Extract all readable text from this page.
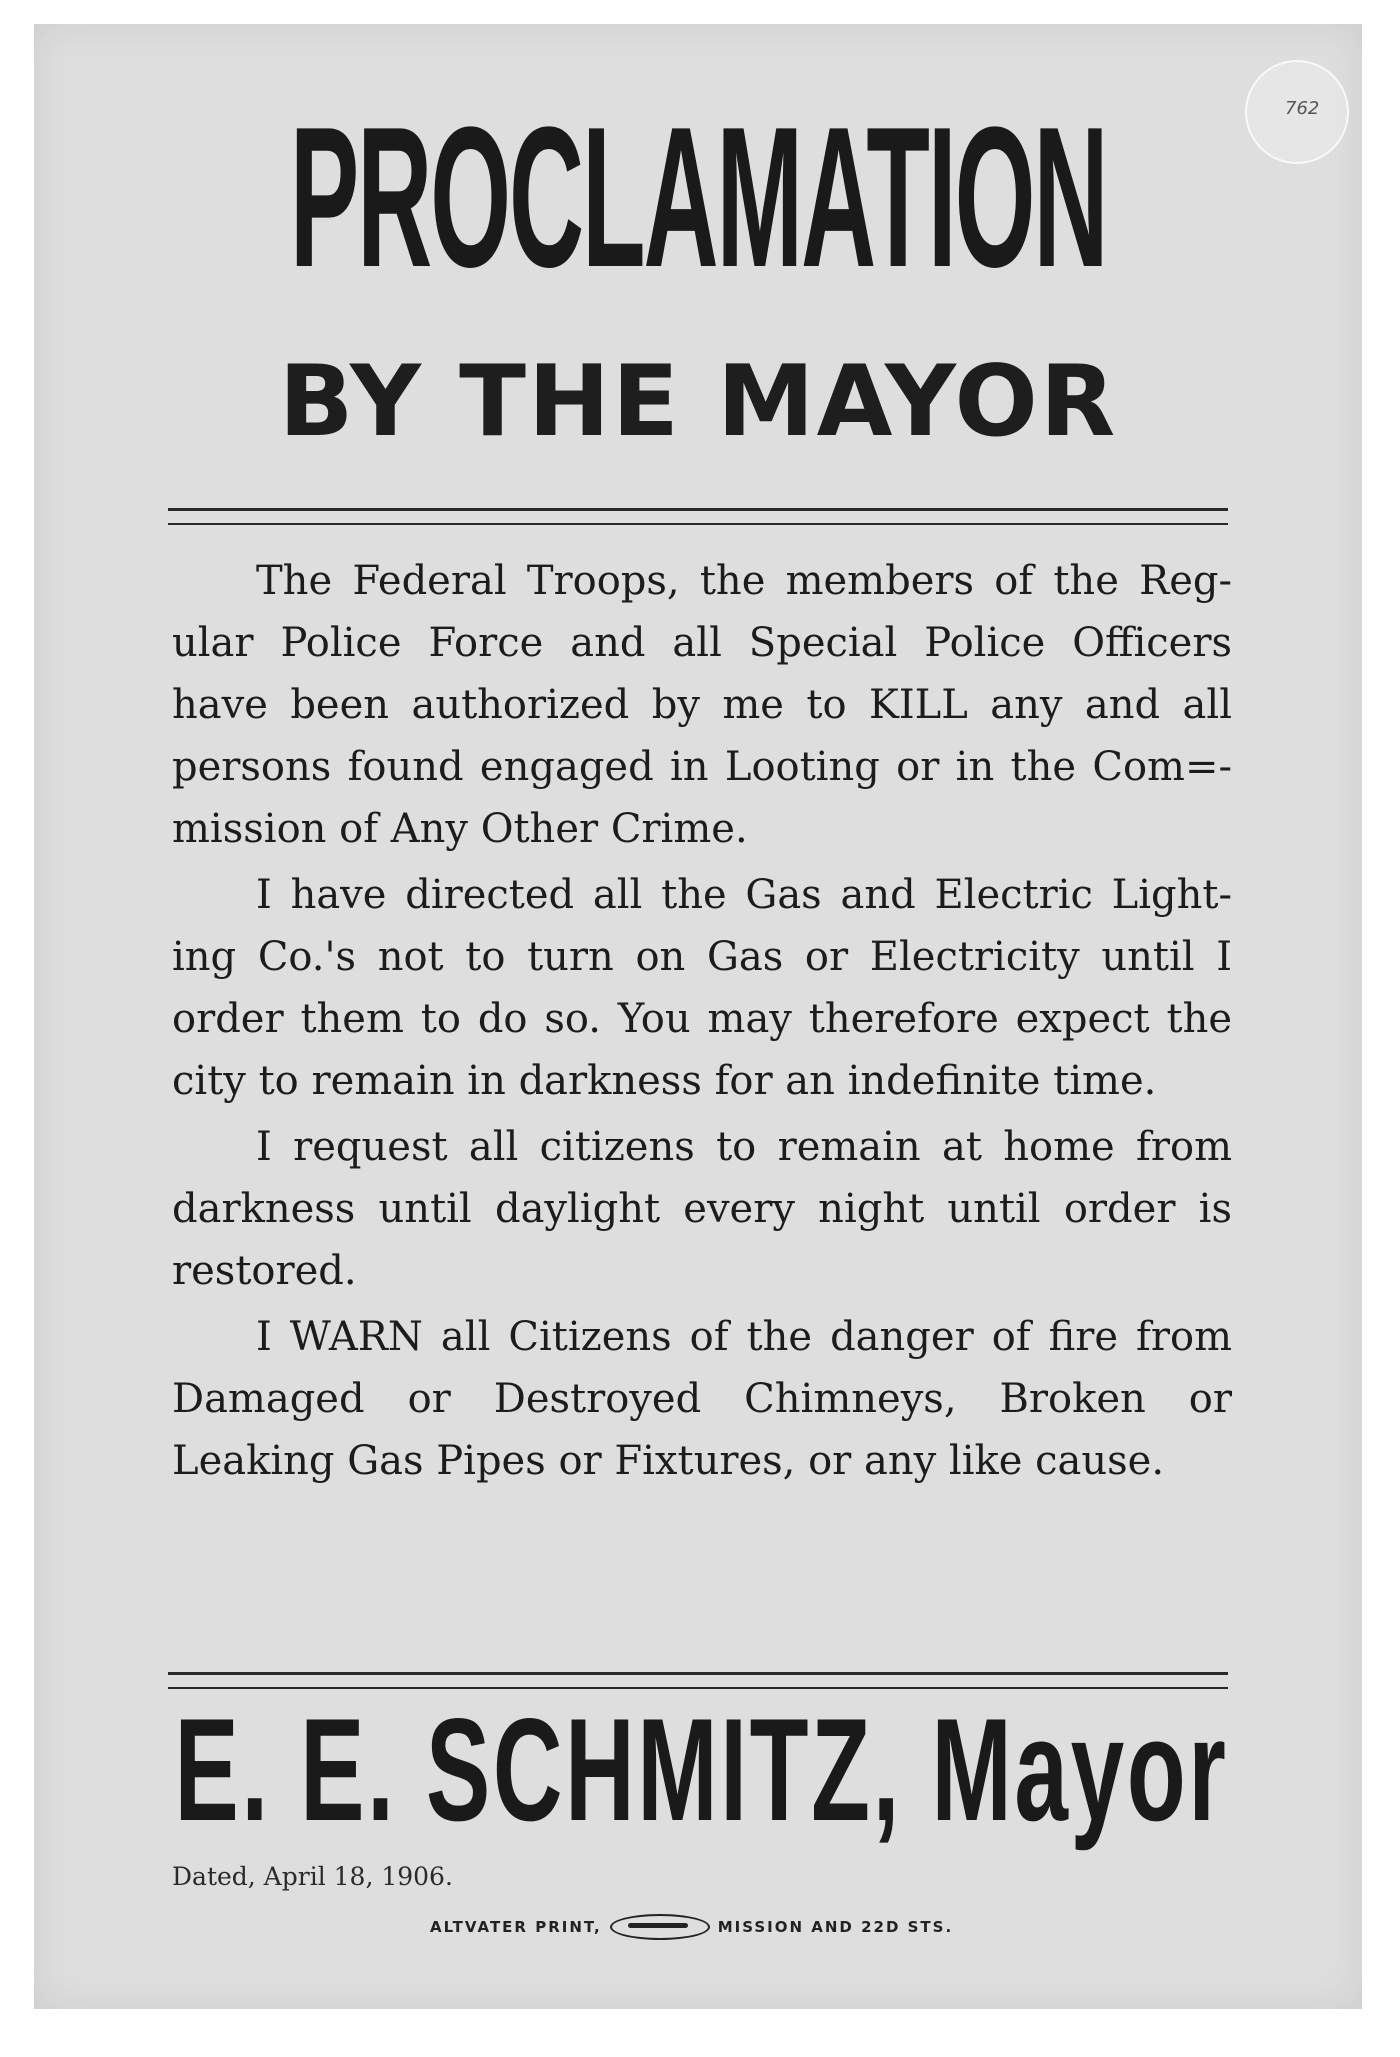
762
PROCLAMATION
BY THE MAYOR

The Federal Troops, the members of the Regular Police Force and all Special Police Officers have been authorized by me to KILL any and all persons found engaged in Looting or in the Com=mission of Any Other Crime.

I have directed all the Gas and Electric Lighting Co.'s not to turn on Gas or Electricity until I order them to do so. You may therefore expect the city to remain in darkness for an indefinite time.

I request all citizens to remain at home from darkness until daylight every night until order is restored.

I WARN all Citizens of the danger of fire from Damaged or Destroyed Chimneys, Broken or Leaking Gas Pipes or Fixtures, or any like cause.

E. E. SCHMITZ, Mayor
Dated, April 18, 1906.
ALTVATER PRINT,	MISSION AND 22D STS.
